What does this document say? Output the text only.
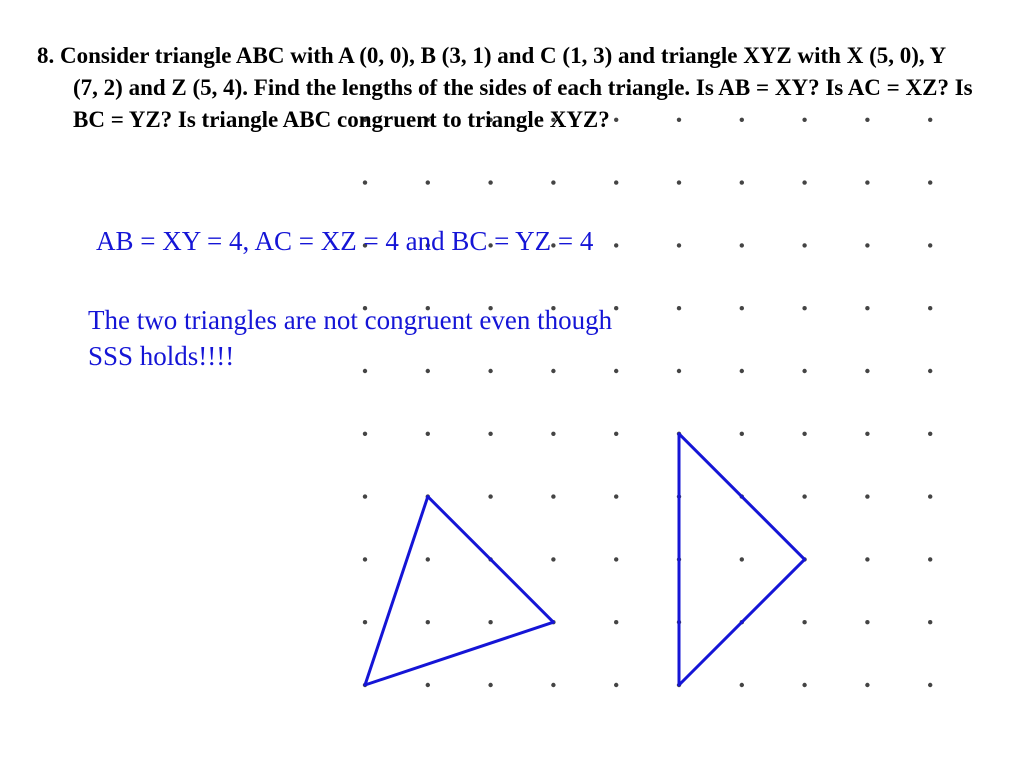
8. Consider triangle ABC with A (0, 0), B (3, 1) and C (1, 3) and triangle XYZ with X (5, 0), Y (7, 2) and Z (5, 4). Find the lengths of the sides of each triangle. Is AB = XY? Is AC = XZ? Is BC = YZ? Is triangle ABC congruent to triangle XYZ?

AB = XY = 4, AC = XZ = 4 and BC = YZ = 4

The two triangles are not congruent even though SSS holds!!!!
